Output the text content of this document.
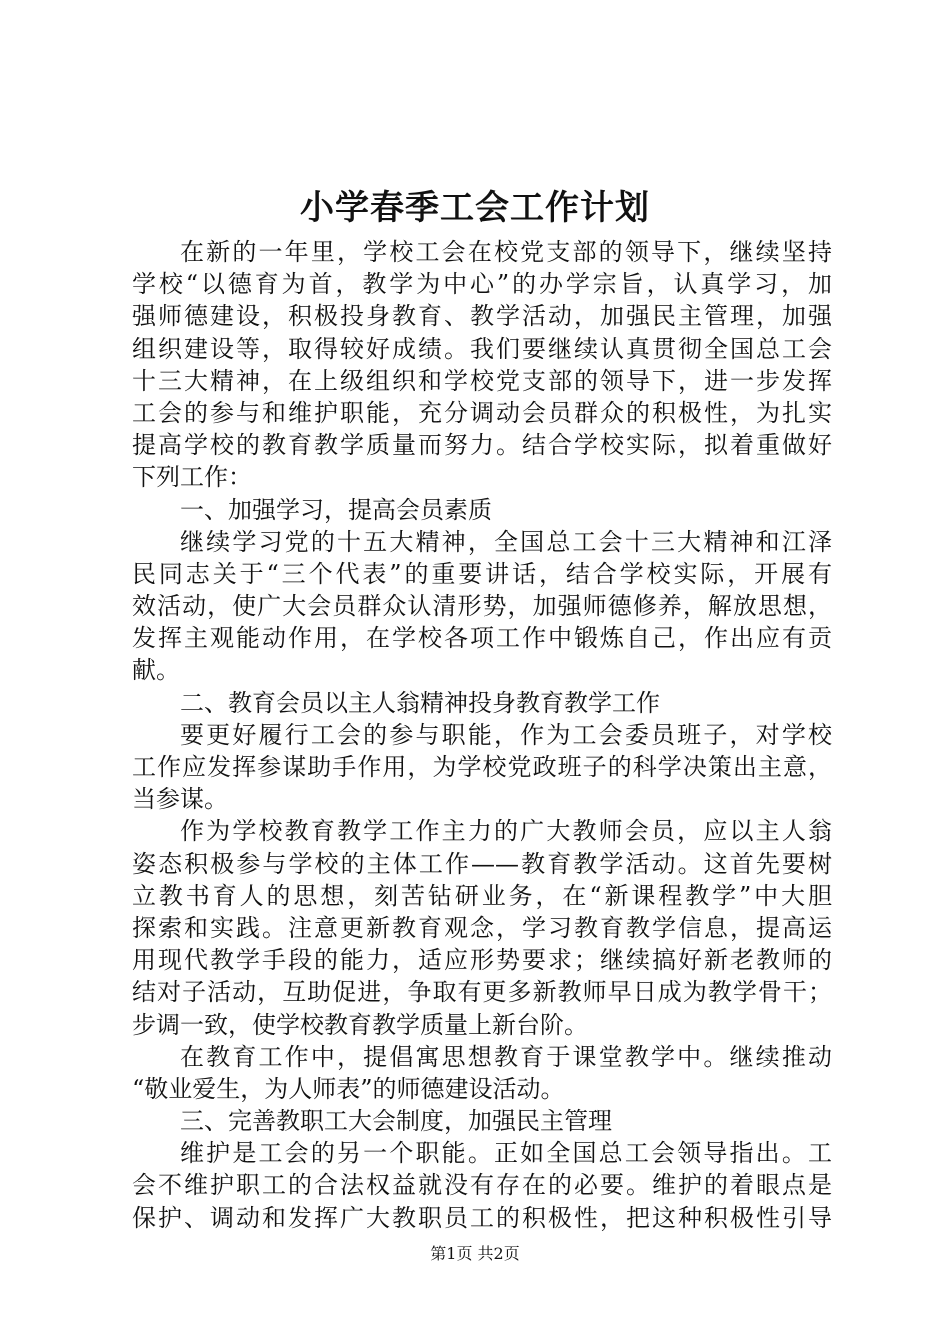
小学春季工会工作计划
在新的一年里，学校工会在校党支部的领导下，继续坚持
学校“以德育为首，教学为中心”的办学宗旨，认真学习，加
强师德建设，积极投身教育、教学活动，加强民主管理，加强
组织建设等，取得较好成绩。我们要继续认真贯彻全国总工会
十三大精神，在上级组织和学校党支部的领导下，进一步发挥
工会的参与和维护职能，充分调动会员群众的积极性，为扎实
提高学校的教育教学质量而努力。结合学校实际，拟着重做好
下列工作：
一、加强学习，提高会员素质
继续学习党的十五大精神，全国总工会十三大精神和江泽
民同志关于“三个代表”的重要讲话，结合学校实际，开展有
效活动，使广大会员群众认清形势，加强师德修养，解放思想，
发挥主观能动作用，在学校各项工作中锻炼自己，作出应有贡
献。
二、教育会员以主人翁精神投身教育教学工作
要更好履行工会的参与职能，作为工会委员班子，对学校
工作应发挥参谋助手作用，为学校党政班子的科学决策出主意，
当参谋。
作为学校教育教学工作主力的广大教师会员，应以主人翁
姿态积极参与学校的主体工作——教育教学活动。这首先要树
立教书育人的思想，刻苦钻研业务，在“新课程教学”中大胆
探索和实践。注意更新教育观念，学习教育教学信息，提高运
用现代教学手段的能力，适应形势要求；继续搞好新老教师的
结对子活动，互助促进，争取有更多新教师早日成为教学骨干；
步调一致，使学校教育教学质量上新台阶。
在教育工作中，提倡寓思想教育于课堂教学中。继续推动
“敬业爱生，为人师表”的师德建设活动。
三、完善教职工大会制度，加强民主管理
维护是工会的另一个职能。正如全国总工会领导指出。工
会不维护职工的合法权益就没有存在的必要。维护的着眼点是
保护、调动和发挥广大教职员工的积极性，把这种积极性引导
第1页 共2页
